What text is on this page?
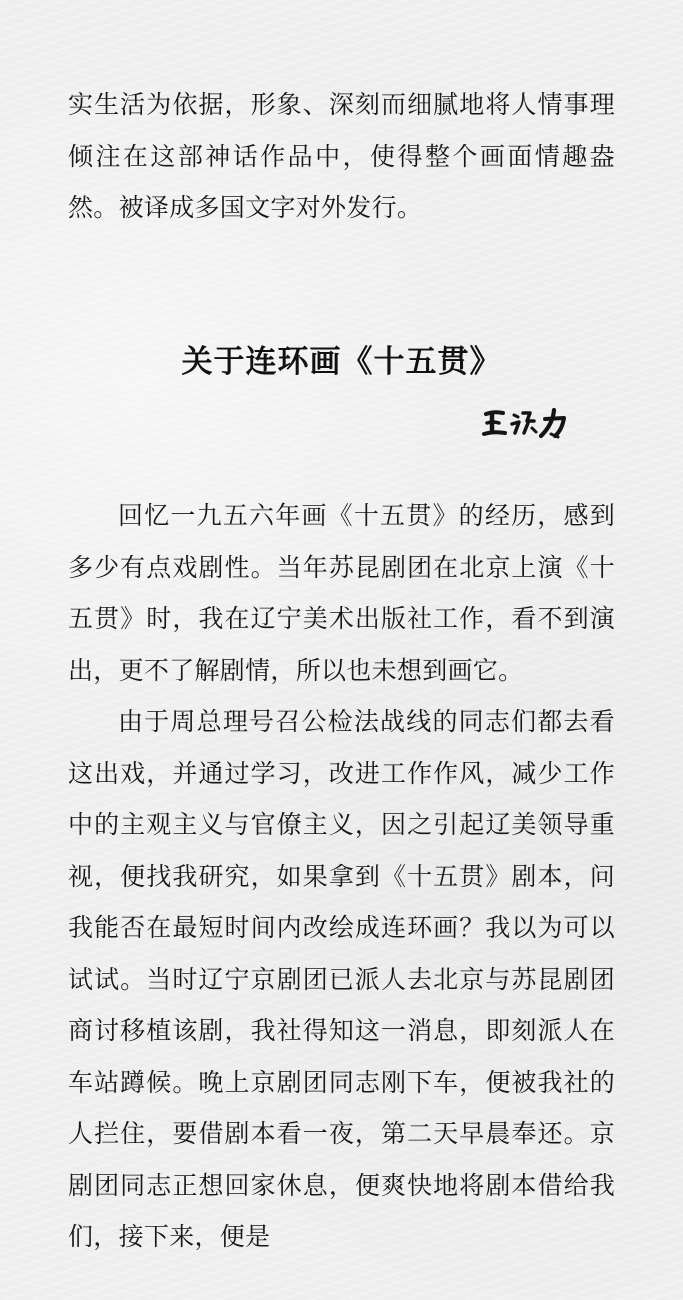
实生活为依据，形象、深刻而细腻地将人情事理倾注在这部神话作品中，使得整个画面情趣盎然。被译成多国文字对外发行。

关于连环画《十五贯》

回忆一九五六年画《十五贯》的经历，感到多少有点戏剧性。当年苏昆剧团在北京上演《十五贯》时，我在辽宁美术出版社工作，看不到演出，更不了解剧情，所以也未想到画它。

由于周总理号召公检法战线的同志们都去看这出戏，并通过学习，改进工作作风，减少工作中的主观主义与官僚主义，因之引起辽美领导重视，便找我研究，如果拿到《十五贯》剧本，问我能否在最短时间内改绘成连环画？我以为可以试试。当时辽宁京剧团已派人去北京与苏昆剧团商讨移植该剧，我社得知这一消息，即刻派人在车站蹲候。晚上京剧团同志刚下车，便被我社的人拦住，要借剧本看一夜，第二天早晨奉还。京剧团同志正想回家休息，便爽快地将剧本借给我们，接下来，便是
